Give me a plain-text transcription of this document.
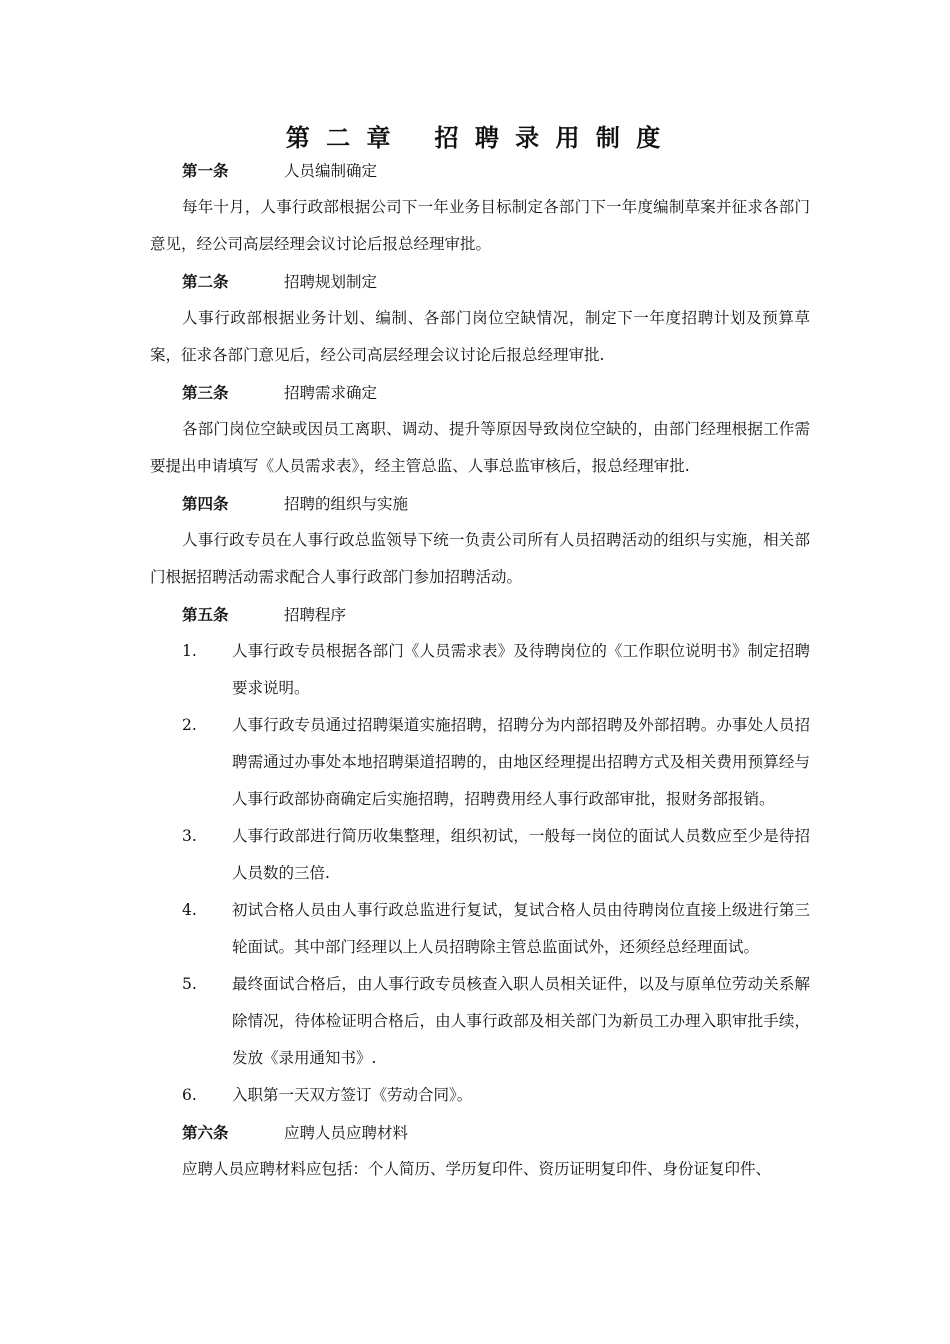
第 二 章 招 聘 录 用 制 度
第一条	人员编制确定
每年十月，人事行政部根据公司下一年业务目标制定各部门下一年度编制草案并征求各部门意见，经公司高层经理会议讨论后报总经理审批。
第二条	招聘规划制定
人事行政部根据业务计划、编制、各部门岗位空缺情况，制定下一年度招聘计划及预算草案，征求各部门意见后，经公司高层经理会议讨论后报总经理审批.
第三条	招聘需求确定
各部门岗位空缺或因员工离职、调动、提升等原因导致岗位空缺的，由部门经理根据工作需要提出申请填写《人员需求表》，经主管总监、人事总监审核后，报总经理审批.
第四条	招聘的组织与实施
人事行政专员在人事行政总监领导下统一负责公司所有人员招聘活动的组织与实施，相关部门根据招聘活动需求配合人事行政部门参加招聘活动。
第五条	招聘程序
1. 人事行政专员根据各部门《人员需求表》及待聘岗位的《工作职位说明书》制定招聘要求说明。
2. 人事行政专员通过招聘渠道实施招聘，招聘分为内部招聘及外部招聘。办事处人员招聘需通过办事处本地招聘渠道招聘的，由地区经理提出招聘方式及相关费用预算经与人事行政部协商确定后实施招聘，招聘费用经人事行政部审批，报财务部报销。
3. 人事行政部进行简历收集整理，组织初试，一般每一岗位的面试人员数应至少是待招人员数的三倍.
4. 初试合格人员由人事行政总监进行复试，复试合格人员由待聘岗位直接上级进行第三轮面试。其中部门经理以上人员招聘除主管总监面试外，还须经总经理面试。
5. 最终面试合格后，由人事行政专员核查入职人员相关证件，以及与原单位劳动关系解除情况，待体检证明合格后，由人事行政部及相关部门为新员工办理入职审批手续，发放《录用通知书》.
6. 入职第一天双方签订《劳动合同》。
第六条	应聘人员应聘材料
应聘人员应聘材料应包括：个人简历、学历复印件、资历证明复印件、身份证复印件、
